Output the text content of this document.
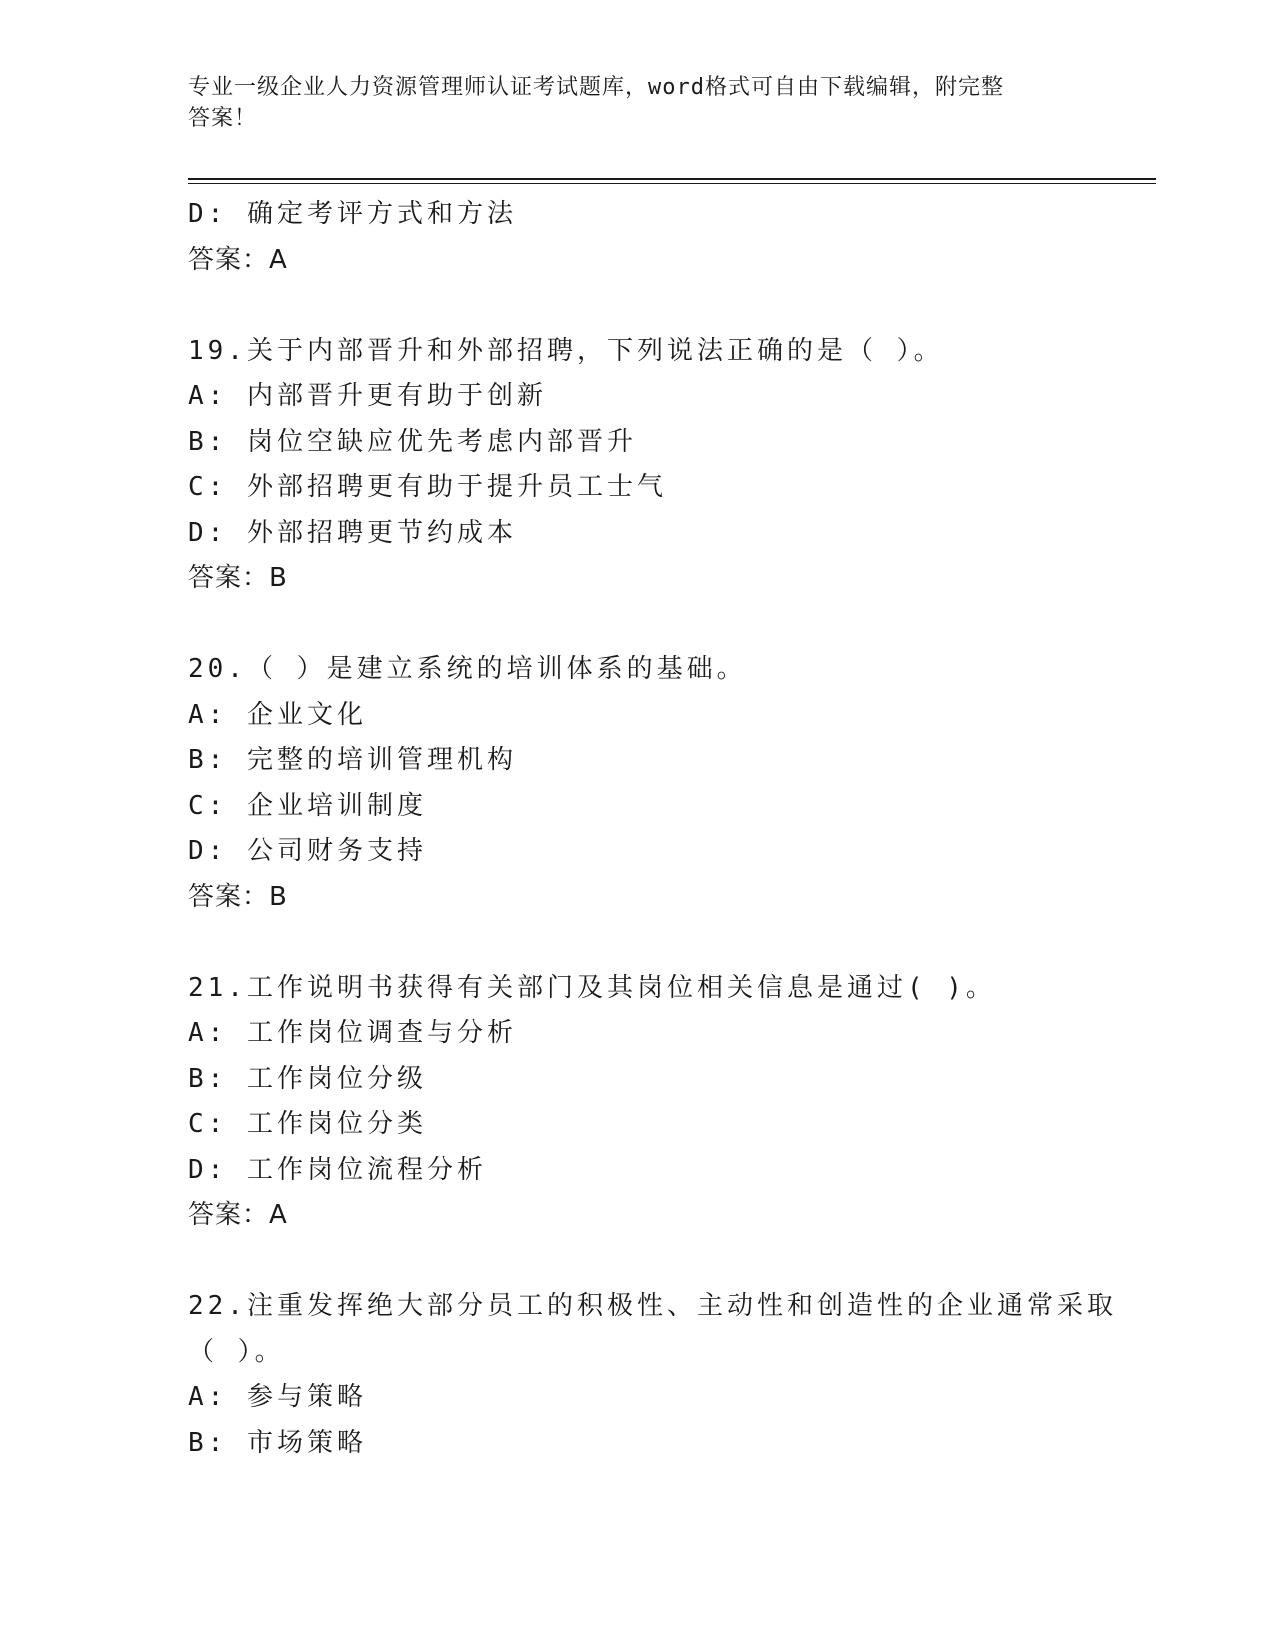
专业一级企业人力资源管理师认证考试题库，word格式可自由下载编辑，附完整
答案！
D: 确定考评方式和方法
答案：A
19.关于内部晋升和外部招聘，下列说法正确的是（ ）。
A: 内部晋升更有助于创新
B: 岗位空缺应优先考虑内部晋升
C: 外部招聘更有助于提升员工士气
D: 外部招聘更节约成本
答案：B
20.（ ）是建立系统的培训体系的基础。
A: 企业文化
B: 完整的培训管理机构
C: 企业培训制度
D: 公司财务支持
答案：B
21.工作说明书获得有关部门及其岗位相关信息是通过( )。
A: 工作岗位调查与分析
B: 工作岗位分级
C: 工作岗位分类
D: 工作岗位流程分析
答案：A
22.注重发挥绝大部分员工的积极性、主动性和创造性的企业通常采取
（ ）。
A: 参与策略
B: 市场策略
